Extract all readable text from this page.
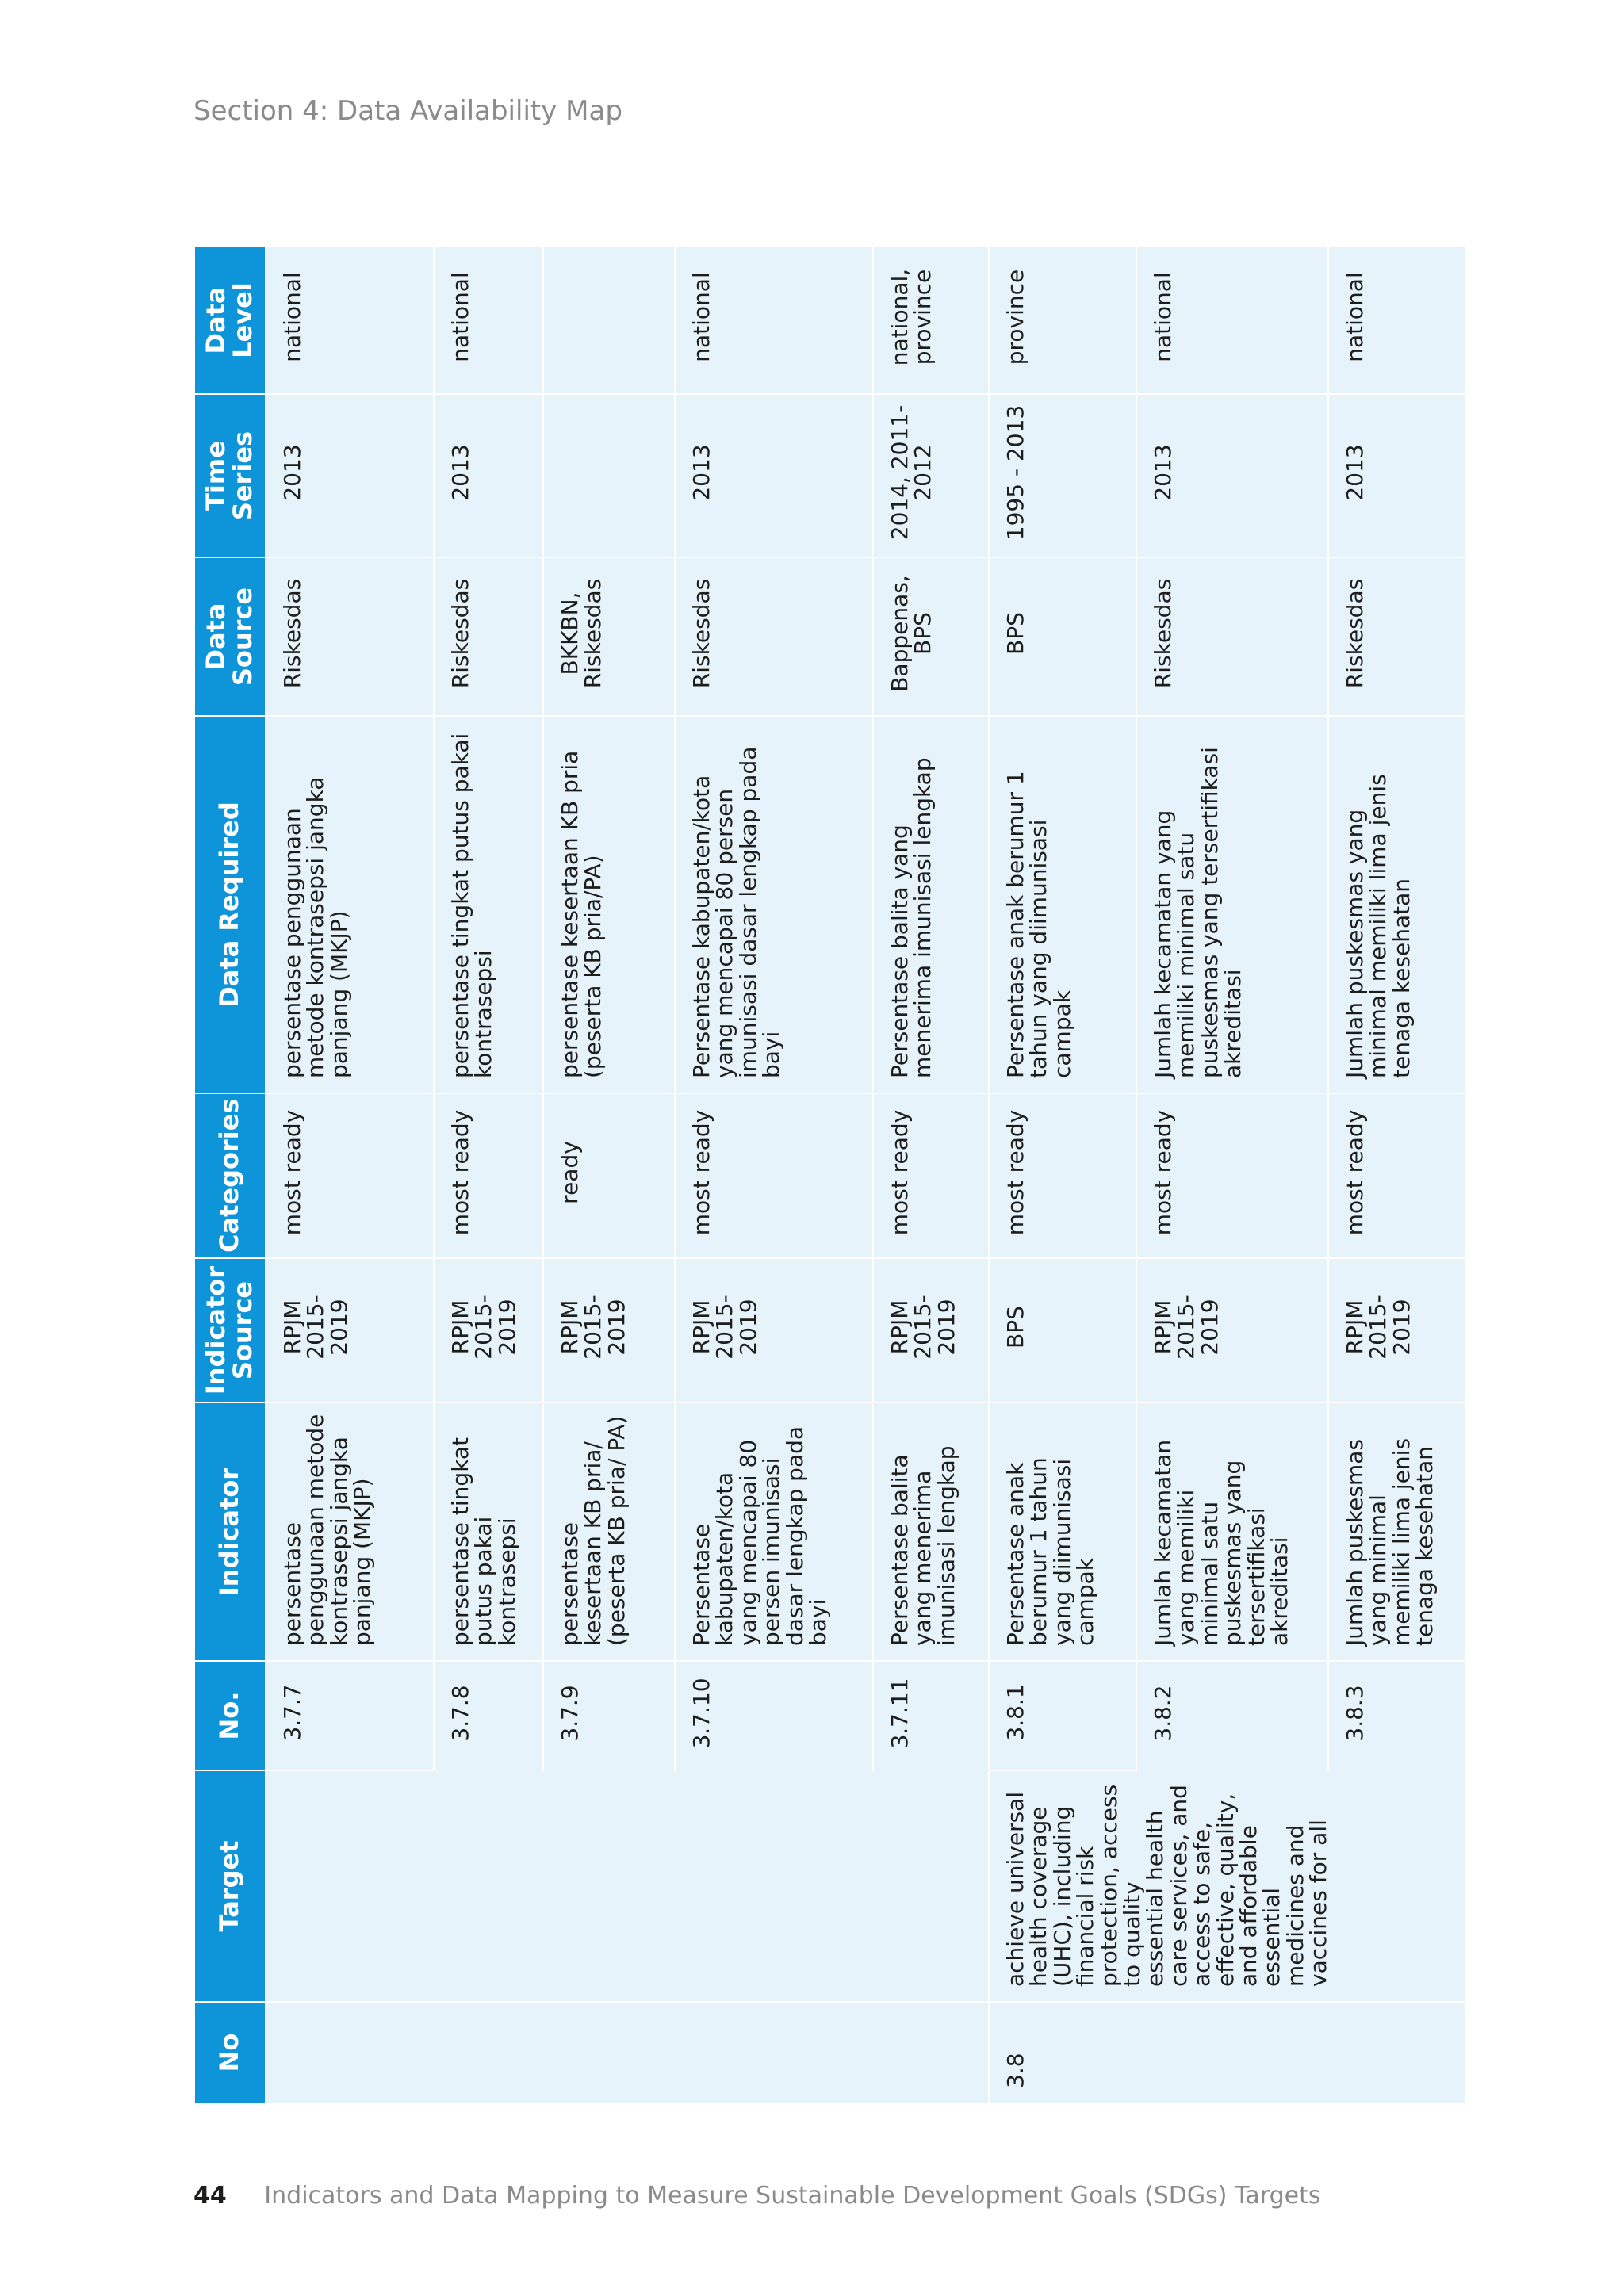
Section 4: Data Availability Map
No	Target	No.	Indicator	Indicator Source	Categories	Data Required	Data Source	Time Series	Data Level
		3.7.7	persentase penggunaan metode kontrasepsi jangka panjang (MKJP)	RPJM 2015-2019	most ready	persentase penggunaan metode kontrasepsi jangka panjang (MKJP)	Riskesdas	2013	national
		3.7.8	persentase tingkat putus pakai kontrasepsi	RPJM 2015-2019	most ready	persentase tingkat putus pakai kontrasepsi	Riskesdas	2013	national
		3.7.9	persentase kesertaan KB pria/ (peserta KB pria/ PA)	RPJM 2015-2019	ready	persentase kesertaan KB pria (peserta KB pria/PA)	BKKBN, Riskesdas		
		3.7.10	Persentase kabupaten/kota yang mencapai 80 persen imunisasi dasar lengkap pada bayi	RPJM 2015-2019	most ready	Persentase kabupaten/kota yang mencapai 80 persen imunisasi dasar lengkap pada bayi	Riskesdas	2013	national
		3.7.11	Persentase balita yang menerima imunisasi lengkap	RPJM 2015-2019	most ready	Persentase balita yang menerima imunisasi lengkap	Bappenas, BPS	2014, 2011-2012	national, province
3.8	achieve universal health coverage (UHC), including financial risk protection, access to quality essential health care services, and access to safe, effective, quality, and affordable essential medicines and vaccines for all	3.8.1	Persentase anak berumur 1 tahun yang diimunisasi campak	BPS	most ready	Persentase anak berumur 1 tahun yang diimunisasi campak	BPS	1995 - 2013	province
		3.8.2	Jumlah kecamatan yang memiliki minimal satu puskesmas yang tersertifikasi akreditasi	RPJM 2015-2019	most ready	Jumlah kecamatan yang memiliki minimal satu puskesmas yang tersertifikasi akreditasi	Riskesdas	2013	national
		3.8.3	Jumlah puskesmas yang minimal memiliki lima jenis tenaga kesehatan	RPJM 2015-2019	most ready	Jumlah puskesmas yang minimal memiliki lima jenis tenaga kesehatan	Riskesdas	2013	national
44 Indicators and Data Mapping to Measure Sustainable Development Goals (SDGs) Targets
